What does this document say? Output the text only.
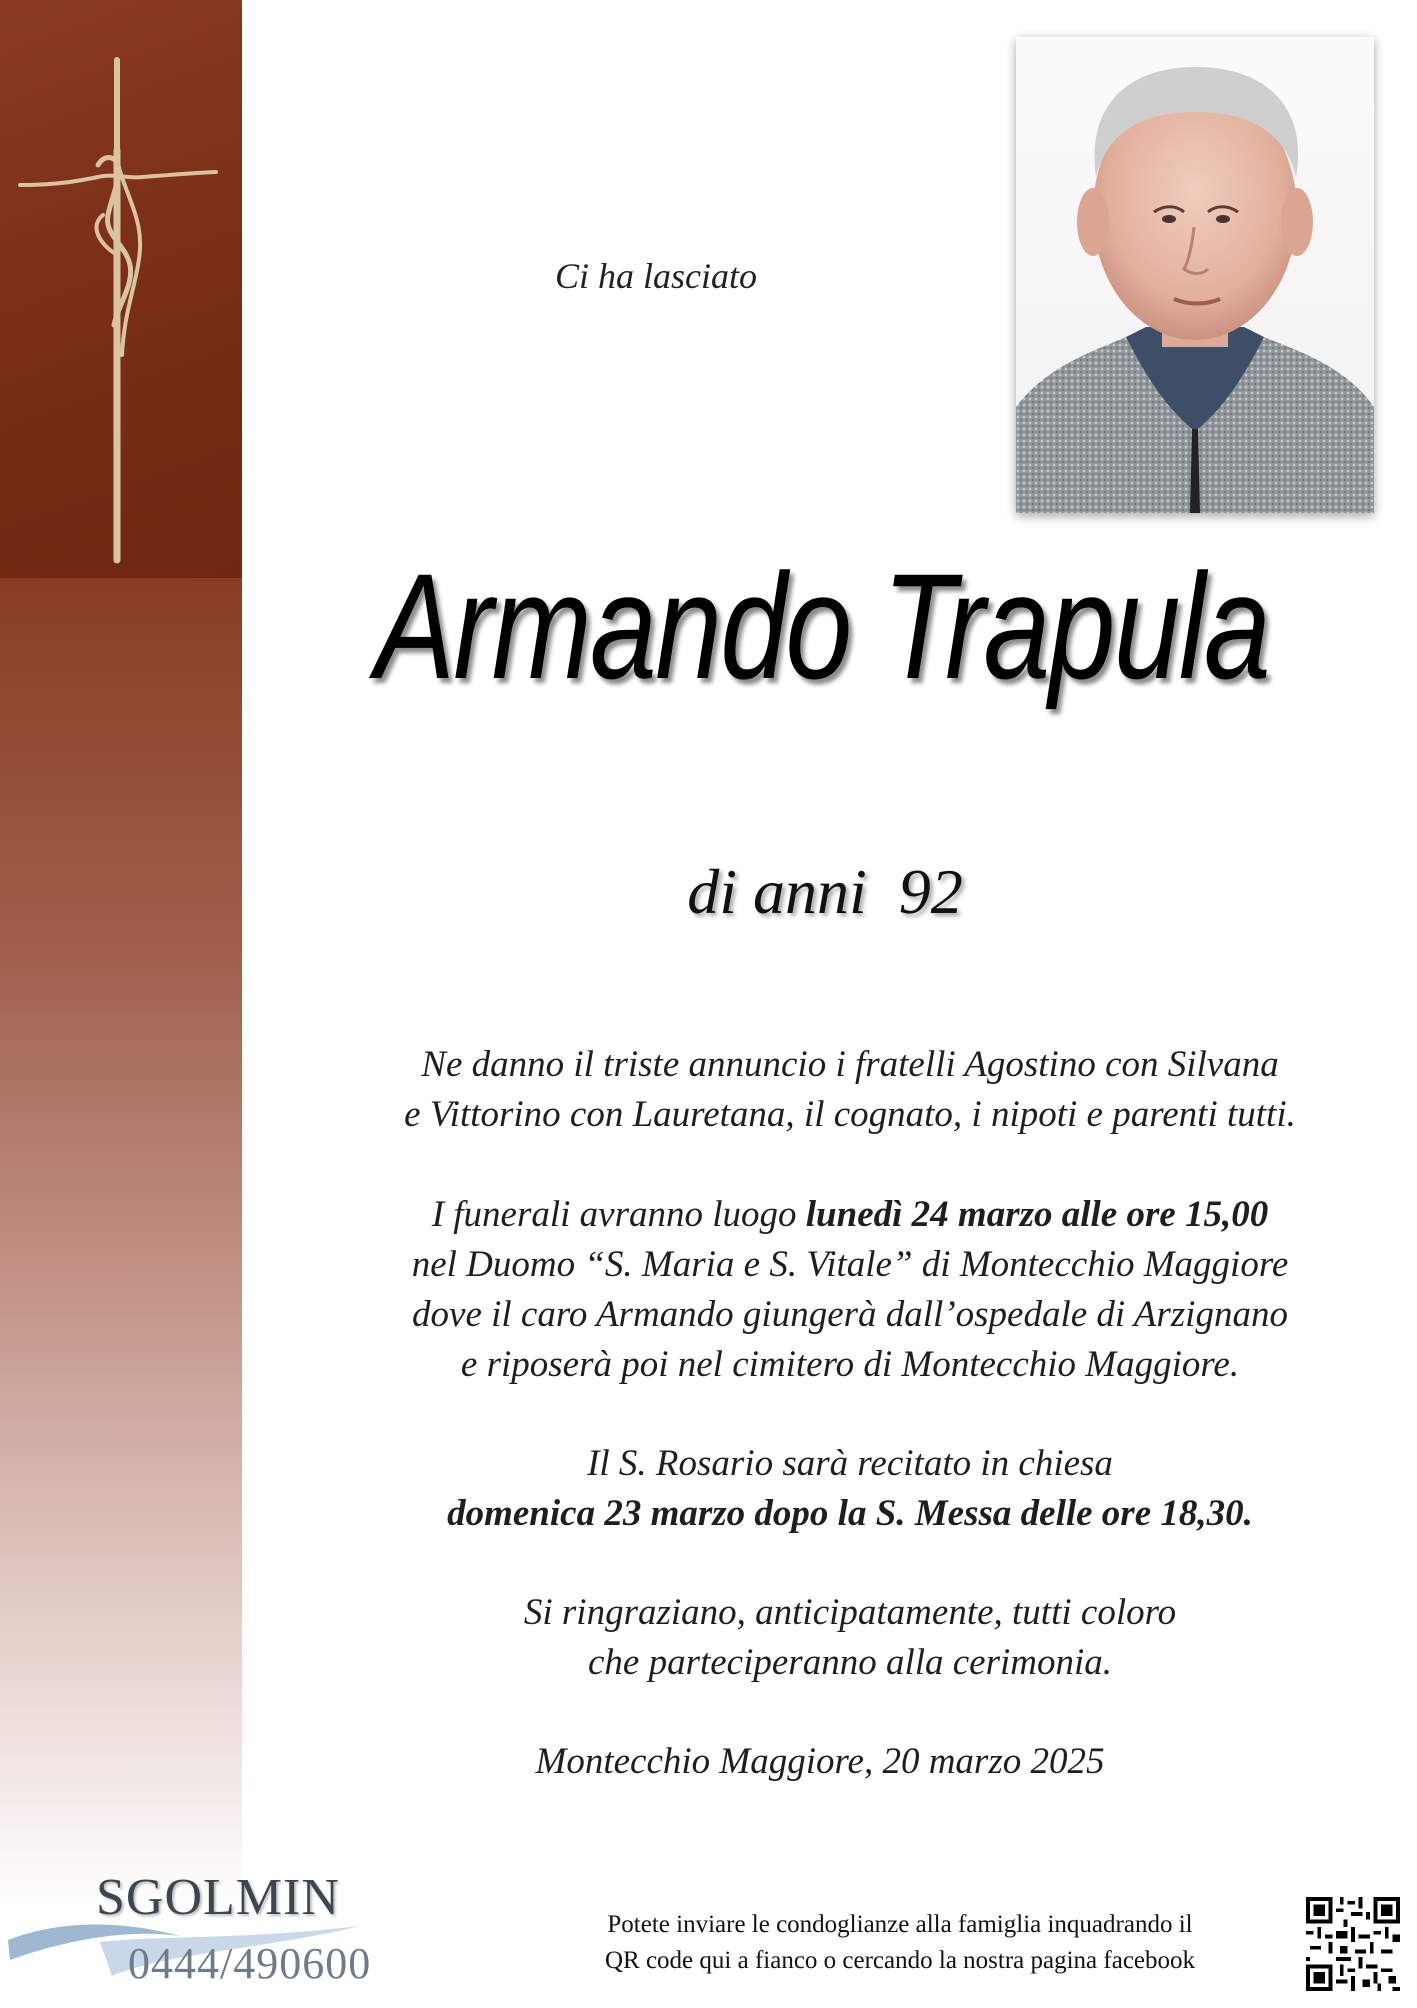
Ci ha lasciato
Armando Trapula
di anni  92

Ne danno il triste annuncio i fratelli Agostino con Silvana

e Vittorino con Lauretana, il cognato, i nipoti e parenti tutti.

I funerali avranno luogo lunedì 24 marzo alle ore 15,00

nel Duomo “S. Maria e S. Vitale” di Montecchio Maggiore

dove il caro Armando giungerà dall’ospedale di Arzignano

e riposerà poi nel cimitero di Montecchio Maggiore.

Il S. Rosario sarà recitato in chiesa

domenica 23 marzo dopo la S. Messa delle ore 18,30.

Si ringraziano, anticipatamente, tutti coloro

che parteciperanno alla cerimonia.

Montecchio Maggiore, 20 marzo 2025
SGOLMIN
0444/490600
Potete inviare le condoglianze alla famiglia inquadrando il
QR code qui a fianco o cercando la nostra pagina facebook
